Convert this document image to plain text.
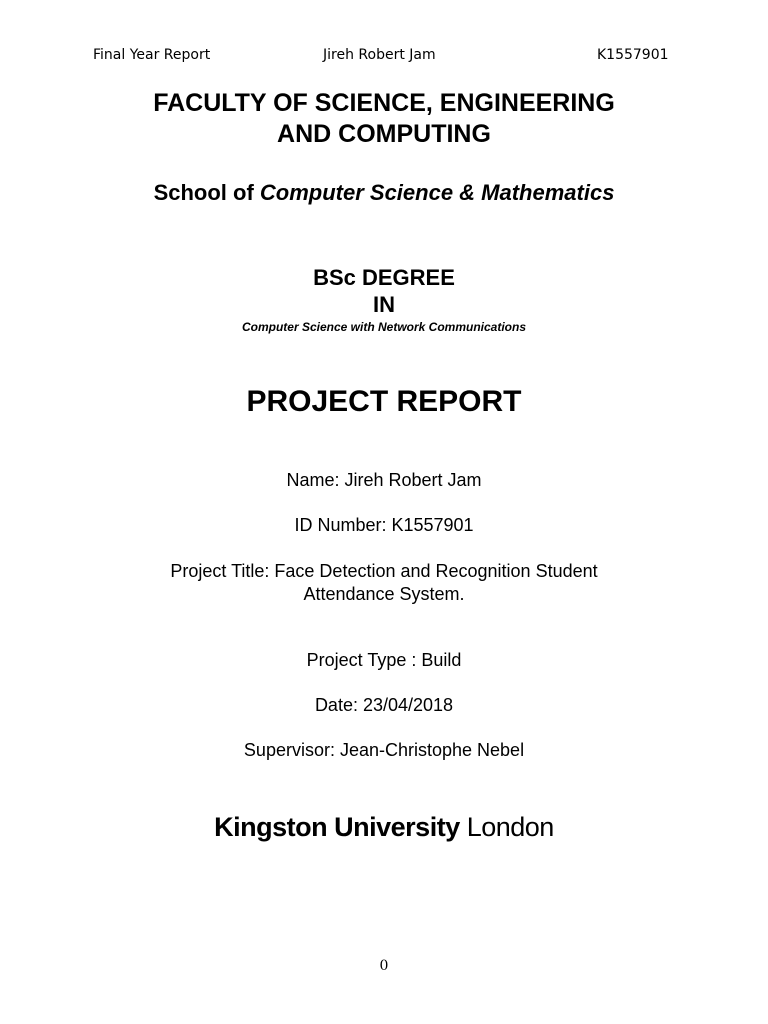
Final Year Report	Jireh Robert Jam	K1557901
FACULTY OF SCIENCE, ENGINEERING
AND COMPUTING
School of Computer Science & Mathematics
BSc DEGREE
IN
Computer Science with Network Communications
PROJECT REPORT
Name: Jireh Robert Jam
ID Number: K1557901
Project Title: Face Detection and Recognition Student
Attendance System.
Project Type : Build
Date: 23/04/2018
Supervisor: Jean-Christophe Nebel
Kingston University London
0
